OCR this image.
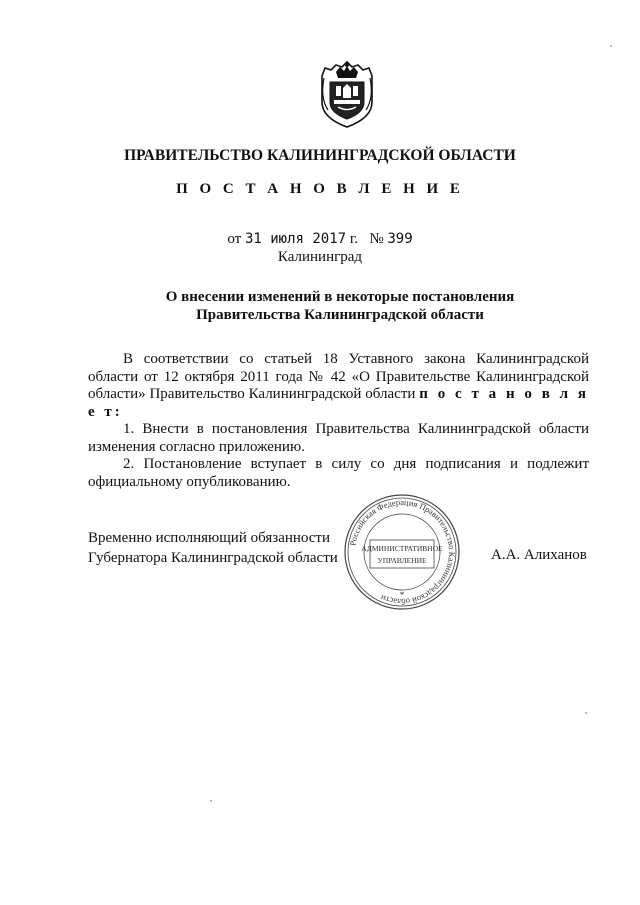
ПРАВИТЕЛЬСТВО КАЛИНИНГРАДСКОЙ ОБЛАСТИ
П О С Т А Н О В Л Е Н И Е
от 31 июля 2017 г. № 399
Калининград
О внесении изменений в некоторые постановления
Правительства Калининградской области

В соответствии со статьей 18 Уставного закона Калининградской области от 12 октября 2011 года № 42 «О Правительстве Калининградской области» Правительство Калининградской области п о с т а н о в л я е т:

1. Внести в постановления Правительства Калининградской области изменения согласно приложению.

2. Постановление вступает в силу со дня подписания и подлежит официальному опубликованию.

Временно исполняющий обязанности
Губернатора Калининградской области	А.А. Алиханов
Российская Федерация Правительство Калининградской области
АДМИНИСТРАТИВНОЕ
УПРАВЛЕНИЕ
*
